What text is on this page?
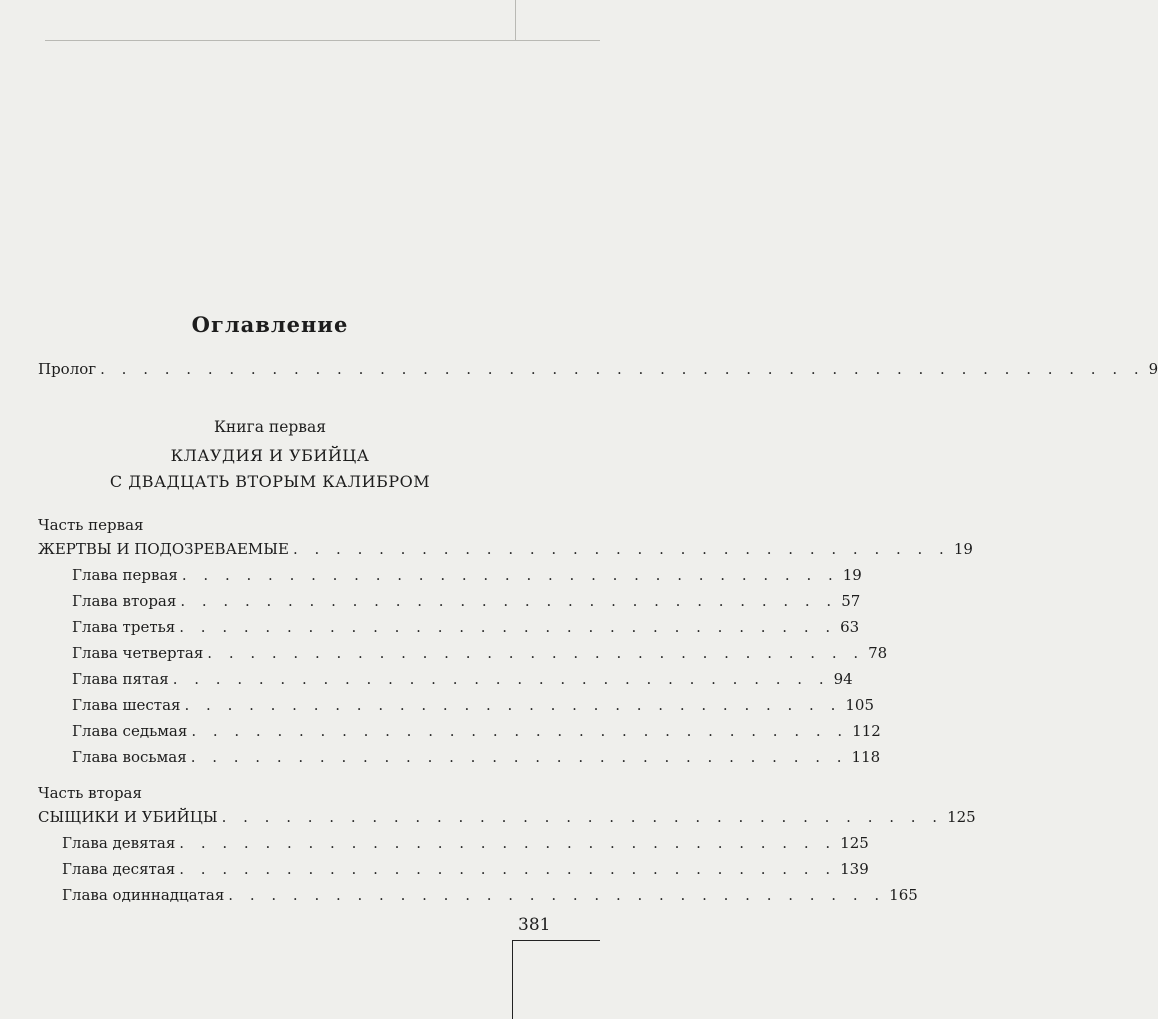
Оглавление
Пролог . . . . . . . . . . . . . . . . . . . . . . . . . . . . . . . . . . . . . . . . . . . . . . . . . 9
Книга первая
КЛАУДИЯ И УБИЙЦА
С ДВАДЦАТЬ ВТОРЫМ КАЛИБРОМ
Часть первая
ЖЕРТВЫ И ПОДОЗРЕВАЕМЫЕ . . . . . . . . . . . . . . . . . . . . . . . . . . . . . . . 19
Глава первая . . . . . . . . . . . . . . . . . . . . . . . . . . . . . . . 19
Глава вторая . . . . . . . . . . . . . . . . . . . . . . . . . . . . . . . 57
Глава третья . . . . . . . . . . . . . . . . . . . . . . . . . . . . . . . 63
Глава четвертая . . . . . . . . . . . . . . . . . . . . . . . . . . . . . . . 78
Глава пятая . . . . . . . . . . . . . . . . . . . . . . . . . . . . . . . 94
Глава шестая . . . . . . . . . . . . . . . . . . . . . . . . . . . . . . . 105
Глава седьмая . . . . . . . . . . . . . . . . . . . . . . . . . . . . . . . 112
Глава восьмая . . . . . . . . . . . . . . . . . . . . . . . . . . . . . . . 118
Часть вторая
СЫЩИКИ И УБИЙЦЫ . . . . . . . . . . . . . . . . . . . . . . . . . . . . . . . . . . 125
Глава девятая . . . . . . . . . . . . . . . . . . . . . . . . . . . . . . . 125
Глава десятая . . . . . . . . . . . . . . . . . . . . . . . . . . . . . . . 139
Глава одиннадцатая . . . . . . . . . . . . . . . . . . . . . . . . . . . . . . . 165
381
